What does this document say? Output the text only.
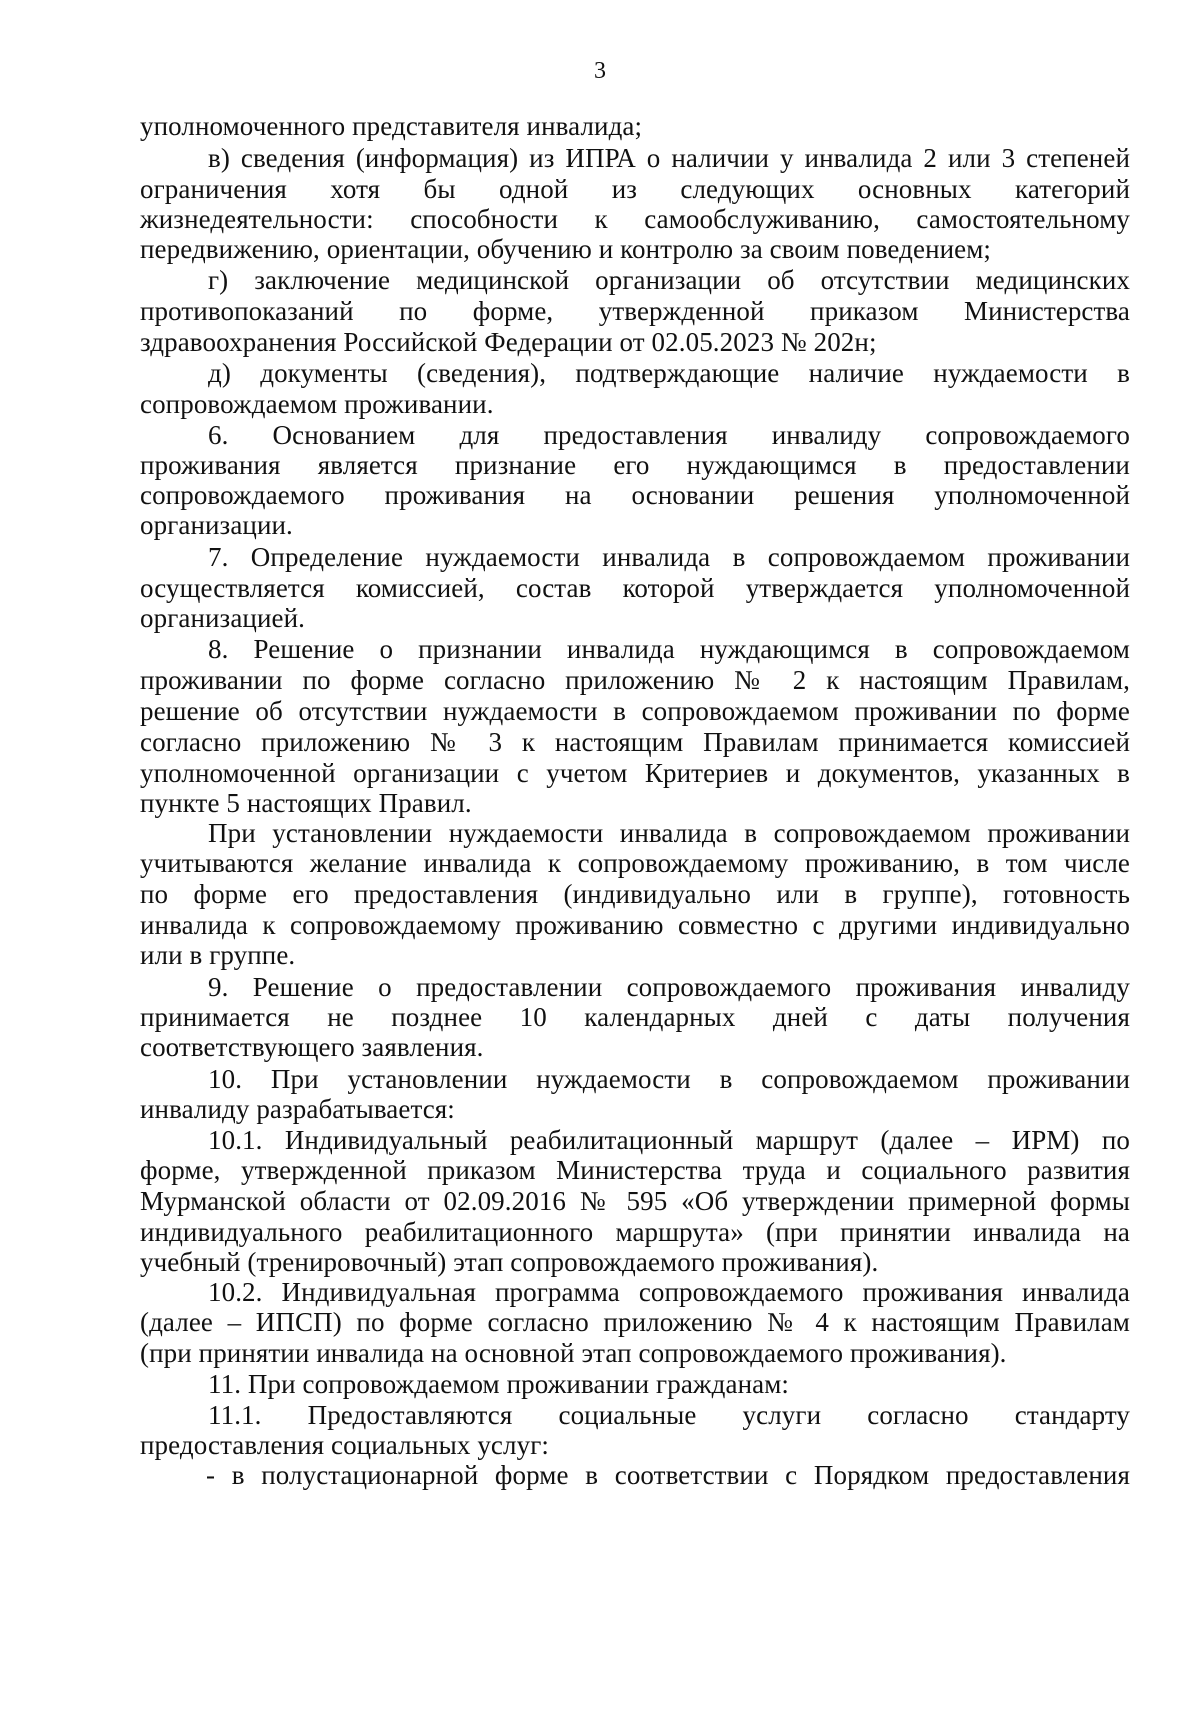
3
уполномоченного представителя инвалида;
в) сведения (информация) из ИПРА о наличии у инвалида 2 или 3 степеней
ограничения хотя бы одной из следующих основных категорий
жизнедеятельности: способности к самообслуживанию, самостоятельному
передвижению, ориентации, обучению и контролю за своим поведением;
г) заключение медицинской организации об отсутствии медицинских
противопоказаний по форме, утвержденной приказом Министерства
здравоохранения Российской Федерации от 02.05.2023 № 202н;
д) документы (сведения), подтверждающие наличие нуждаемости в
сопровождаемом проживании.
6. Основанием для предоставления инвалиду сопровождаемого
проживания является признание его нуждающимся в предоставлении
сопровождаемого проживания на основании решения уполномоченной
организации.
7. Определение нуждаемости инвалида в сопровождаемом проживании
осуществляется комиссией, состав которой утверждается уполномоченной
организацией.
8. Решение о признании инвалида нуждающимся в сопровождаемом
проживании по форме согласно приложению № 2 к настоящим Правилам,
решение об отсутствии нуждаемости в сопровождаемом проживании по форме
согласно приложению № 3 к настоящим Правилам принимается комиссией
уполномоченной организации с учетом Критериев и документов, указанных в
пункте 5 настоящих Правил.
При установлении нуждаемости инвалида в сопровождаемом проживании
учитываются желание инвалида к сопровождаемому проживанию, в том числе
по форме его предоставления (индивидуально или в группе), готовность
инвалида к сопровождаемому проживанию совместно с другими индивидуально
или в группе.
9. Решение о предоставлении сопровождаемого проживания инвалиду
принимается не позднее 10 календарных дней с даты получения
соответствующего заявления.
10. При установлении нуждаемости в сопровождаемом проживании
инвалиду разрабатывается:
10.1. Индивидуальный реабилитационный маршрут (далее – ИРМ) по
форме, утвержденной приказом Министерства труда и социального развития
Мурманской области от 02.09.2016 № 595 «Об утверждении примерной формы
индивидуального реабилитационного маршрута» (при принятии инвалида на
учебный (тренировочный) этап сопровождаемого проживания).
10.2. Индивидуальная программа сопровождаемого проживания инвалида
(далее – ИПСП) по форме согласно приложению № 4 к настоящим Правилам
(при принятии инвалида на основной этап сопровождаемого проживания).
11. При сопровождаемом проживании гражданам:
11.1. Предоставляются социальные услуги согласно стандарту
предоставления социальных услуг:
- в полустационарной форме в соответствии с Порядком предоставления
